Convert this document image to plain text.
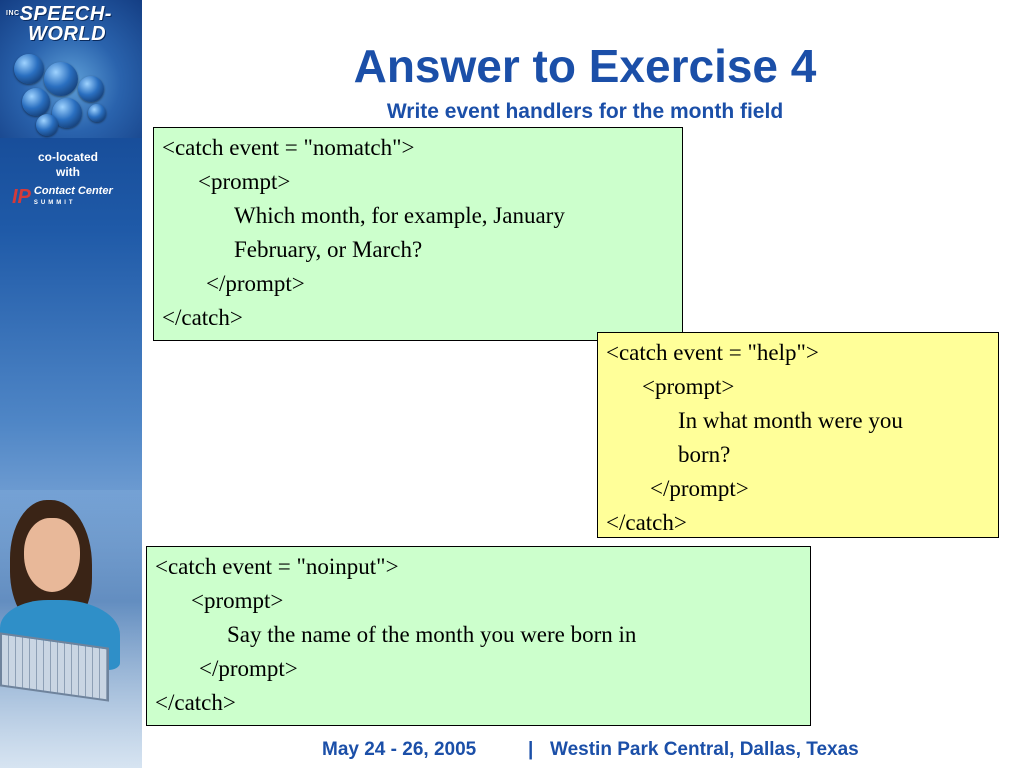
$^{INC}$SPEECH-
WORLD
co-located
with
IP Contact Center
SUMMIT
Answer to Exercise 4
Write event handlers for the month field
<catch event = "nomatch">
<prompt>
Which month, for example, January
February, or March?
</prompt>
</catch>
<catch event = "help">
<prompt>
In what month were you
born?
</prompt>
</catch>
<catch event = "noinput">
<prompt>
Say the name of the month you were born in
</prompt>
</catch>
May 24 - 26, 2005	| Westin Park Central, Dallas, Texas
